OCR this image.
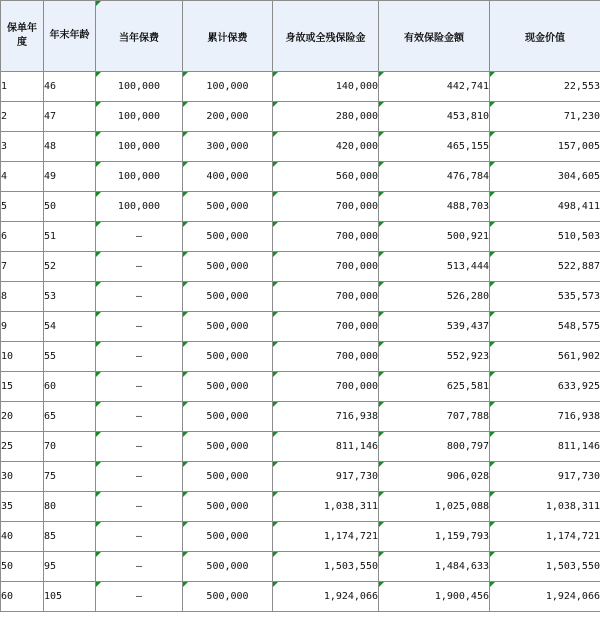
保单年度	年末年龄	当年保费	累计保费	身故或全残保险金	有效保险金额	现金价值
1	46	100,000	100,000	140,000	442,741	22,553
2	47	100,000	200,000	280,000	453,810	71,230
3	48	100,000	300,000	420,000	465,155	157,005
4	49	100,000	400,000	560,000	476,784	304,605
5	50	100,000	500,000	700,000	488,703	498,411
6	51	—	500,000	700,000	500,921	510,503
7	52	—	500,000	700,000	513,444	522,887
8	53	—	500,000	700,000	526,280	535,573
9	54	—	500,000	700,000	539,437	548,575
10	55	—	500,000	700,000	552,923	561,902
15	60	—	500,000	700,000	625,581	633,925
20	65	—	500,000	716,938	707,788	716,938
25	70	—	500,000	811,146	800,797	811,146
30	75	—	500,000	917,730	906,028	917,730
35	80	—	500,000	1,038,311	1,025,088	1,038,311
40	85	—	500,000	1,174,721	1,159,793	1,174,721
50	95	—	500,000	1,503,550	1,484,633	1,503,550
60	105	—	500,000	1,924,066	1,900,456	1,924,066
